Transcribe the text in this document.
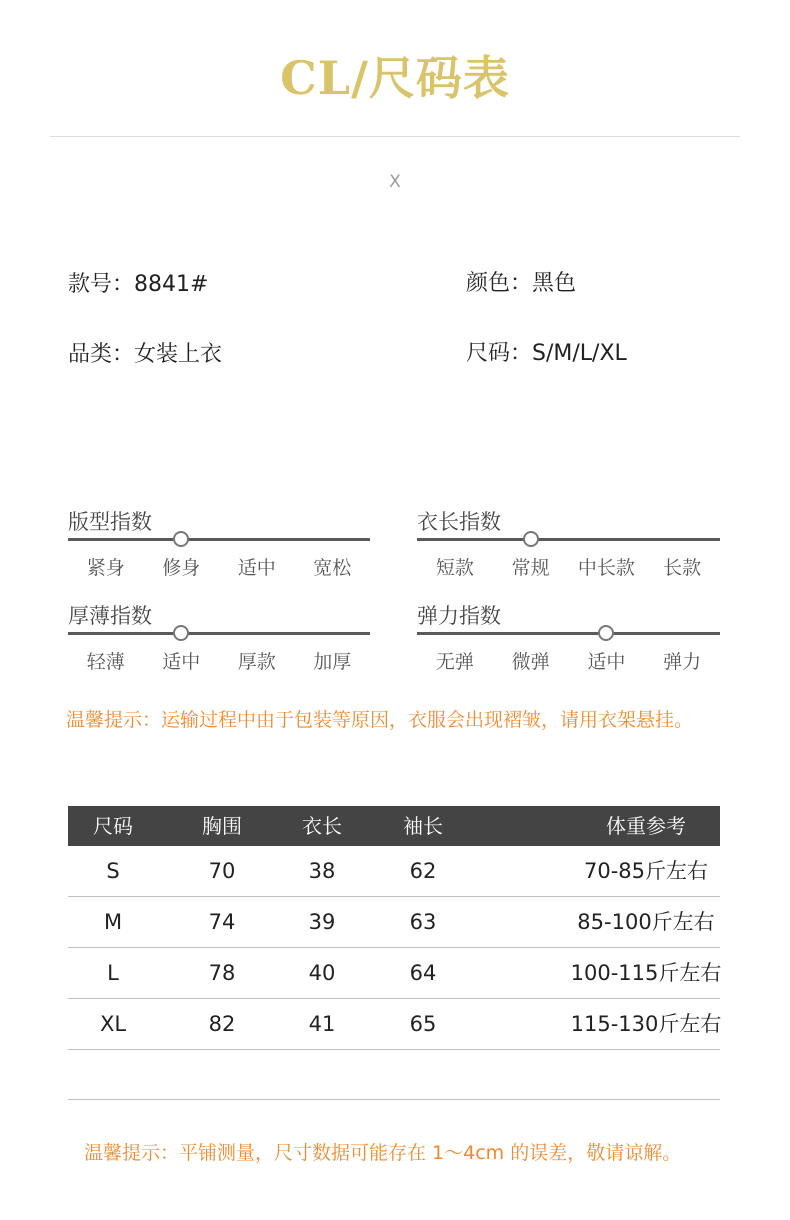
CL/尺码表
X
款号：8841#	颜色：黑色
品类：女装上衣	尺码：S/M/L/XL
版型指数
紧身 修身 适中 宽松
衣长指数
短款 常规 中长款 长款
厚薄指数
轻薄 适中 厚款 加厚
弹力指数
无弹 微弹 适中 弹力
温馨提示：运输过程中由于包装等原因，衣服会出现褶皱，请用衣架悬挂。
尺码	胸围	衣长	袖长	体重参考
S	70	38	62	70-85斤左右
M	74	39	63	85-100斤左右
L	78	40	64	100-115斤左右
XL	82	41	65	115-130斤左右
温馨提示：平铺测量，尺寸数据可能存在 1～4cm 的误差，敬请谅解。
